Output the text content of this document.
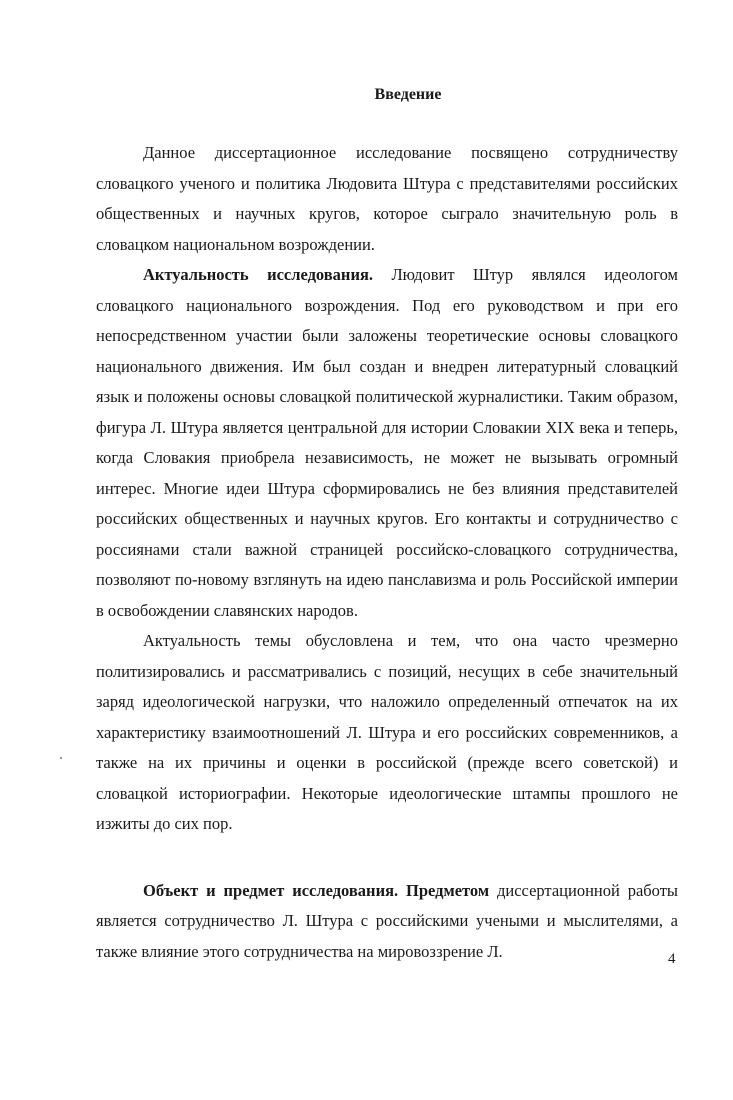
Введение

Данное диссертационное исследование посвящено сотрудничеству словацкого ученого и политика Людовита Штура с представителями российских общественных и научных кругов, которое сыграло значительную роль в словацком национальном возрождении.

Актуальность исследования. Людовит Штур являлся идеологом словацкого национального возрождения. Под его руководством и при его непосредственном участии были заложены теоретические основы словацкого национального движения. Им был создан и внедрен литературный словацкий язык и положены основы словацкой политической журналистики. Таким образом, фигура Л. Штура является центральной для истории Словакии XIX века и теперь, когда Словакия приобрела независимость, не может не вызывать огромный интерес. Многие идеи Штура сформировались не без влияния представителей российских общественных и научных кругов. Его контакты и сотрудничество с россиянами стали важной страницей российско-словацкого сотрудничества, позволяют по-новому взглянуть на идею панславизма и роль Российской империи в освобождении славянских народов.

Актуальность темы обусловлена и тем, что она часто чрезмерно политизировались и рассматривались с позиций, несущих в себе значительный заряд идеологической нагрузки, что наложило определенный отпечаток на их характеристику взаимоотношений Л. Штура и его российских современников, а также на их причины и оценки в российской (прежде всего советской) и словацкой историографии. Некоторые идеологические штампы прошлого не изжиты до сих пор.

Объект и предмет исследования. Предметом диссертационной работы является сотрудничество Л. Штура с российскими учеными и мыслителями, а также влияние этого сотрудничества на мировоззрение Л.	4
